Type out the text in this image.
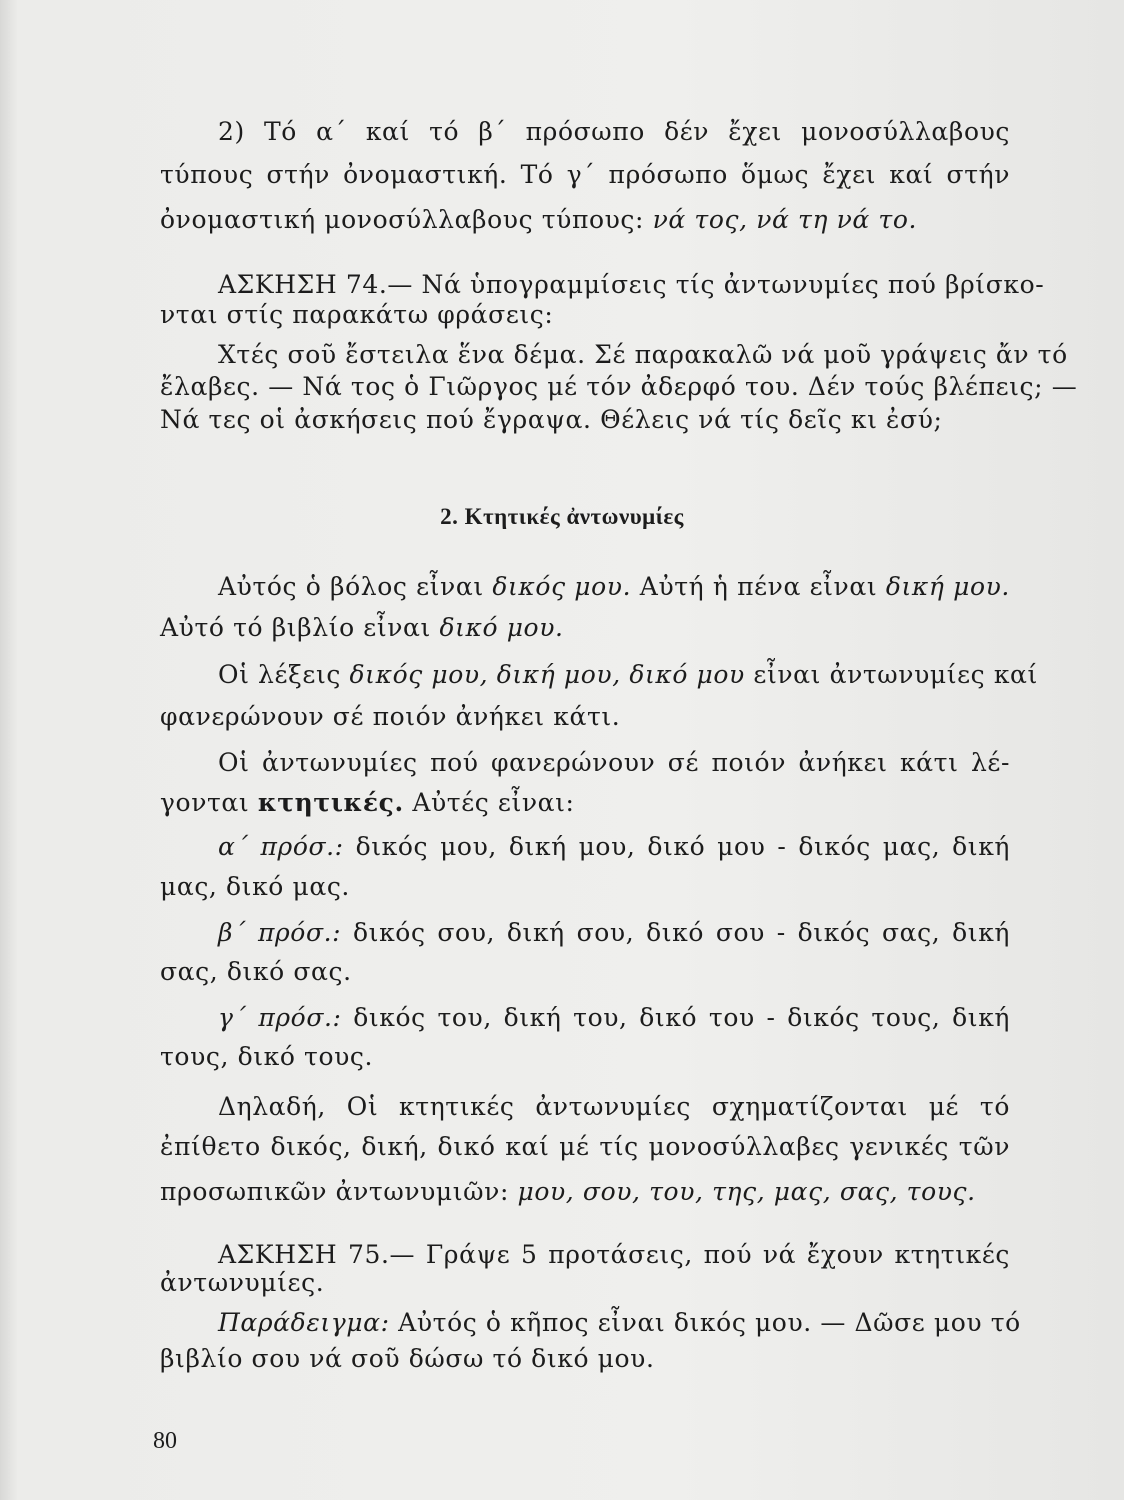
2) Τό α΄ καί τό β΄ πρόσωπο δέν ἔχει μονοσύλλαβους
τύπους στήν ὀνομαστική. Τό γ΄ πρόσωπο ὅμως ἔχει καί στήν
ὀνομαστική μονοσύλλαβους τύπους: νά τος, νά τη νά το.
ΑΣΚΗΣΗ 74.— Νά ὑπογραμμίσεις τίς ἀντωνυμίες πού βρίσκο-
νται στίς παρακάτω φράσεις:
Χτές σοῦ ἔστειλα ἕνα δέμα. Σέ παρακαλῶ νά μοῦ γράψεις ἄν τό
ἔλαβες. — Νά τος ὁ Γιῶργος μέ τόν ἀδερφό του. Δέν τούς βλέπεις; —
Νά τες οἱ ἀσκήσεις πού ἔγραψα. Θέλεις νά τίς δεῖς κι ἐσύ;
2. Κτητικές ἀντωνυμίες
Αὐτός ὁ βόλος εἶναι δικός μου. Αὐτή ἡ πένα εἶναι δική μου.
Αὐτό τό βιβλίο εἶναι δικό μου.
Οἱ λέξεις δικός μου, δική μου, δικό μου εἶναι ἀντωνυμίες καί
φανερώνουν σέ ποιόν ἀνήκει κάτι.
Οἱ ἀντωνυμίες πού φανερώνουν σέ ποιόν ἀνήκει κάτι λέ-
γονται κτητικές. Αὐτές εἶναι:
α΄ πρόσ.: δικός μου, δική μου, δικό μου - δικός μας, δική
μας, δικό μας.
β΄ πρόσ.: δικός σου, δική σου, δικό σου - δικός σας, δική
σας, δικό σας.
γ΄ πρόσ.: δικός του, δική του, δικό του - δικός τους, δική
τους, δικό τους.
Δηλαδή, Οἱ κτητικές ἀντωνυμίες σχηματίζονται μέ τό
ἐπίθετο δικός, δική, δικό καί μέ τίς μονοσύλλαβες γενικές τῶν
προσωπικῶν ἀντωνυμιῶν: μου, σου, του, της, μας, σας, τους.
ΑΣΚΗΣΗ 75.— Γράψε 5 προτάσεις, πού νά ἔχουν κτητικές
ἀντωνυμίες.
Παράδειγμα: Αὐτός ὁ κῆπος εἶναι δικός μου. — Δῶσε μου τό
βιβλίο σου νά σοῦ δώσω τό δικό μου.
80
